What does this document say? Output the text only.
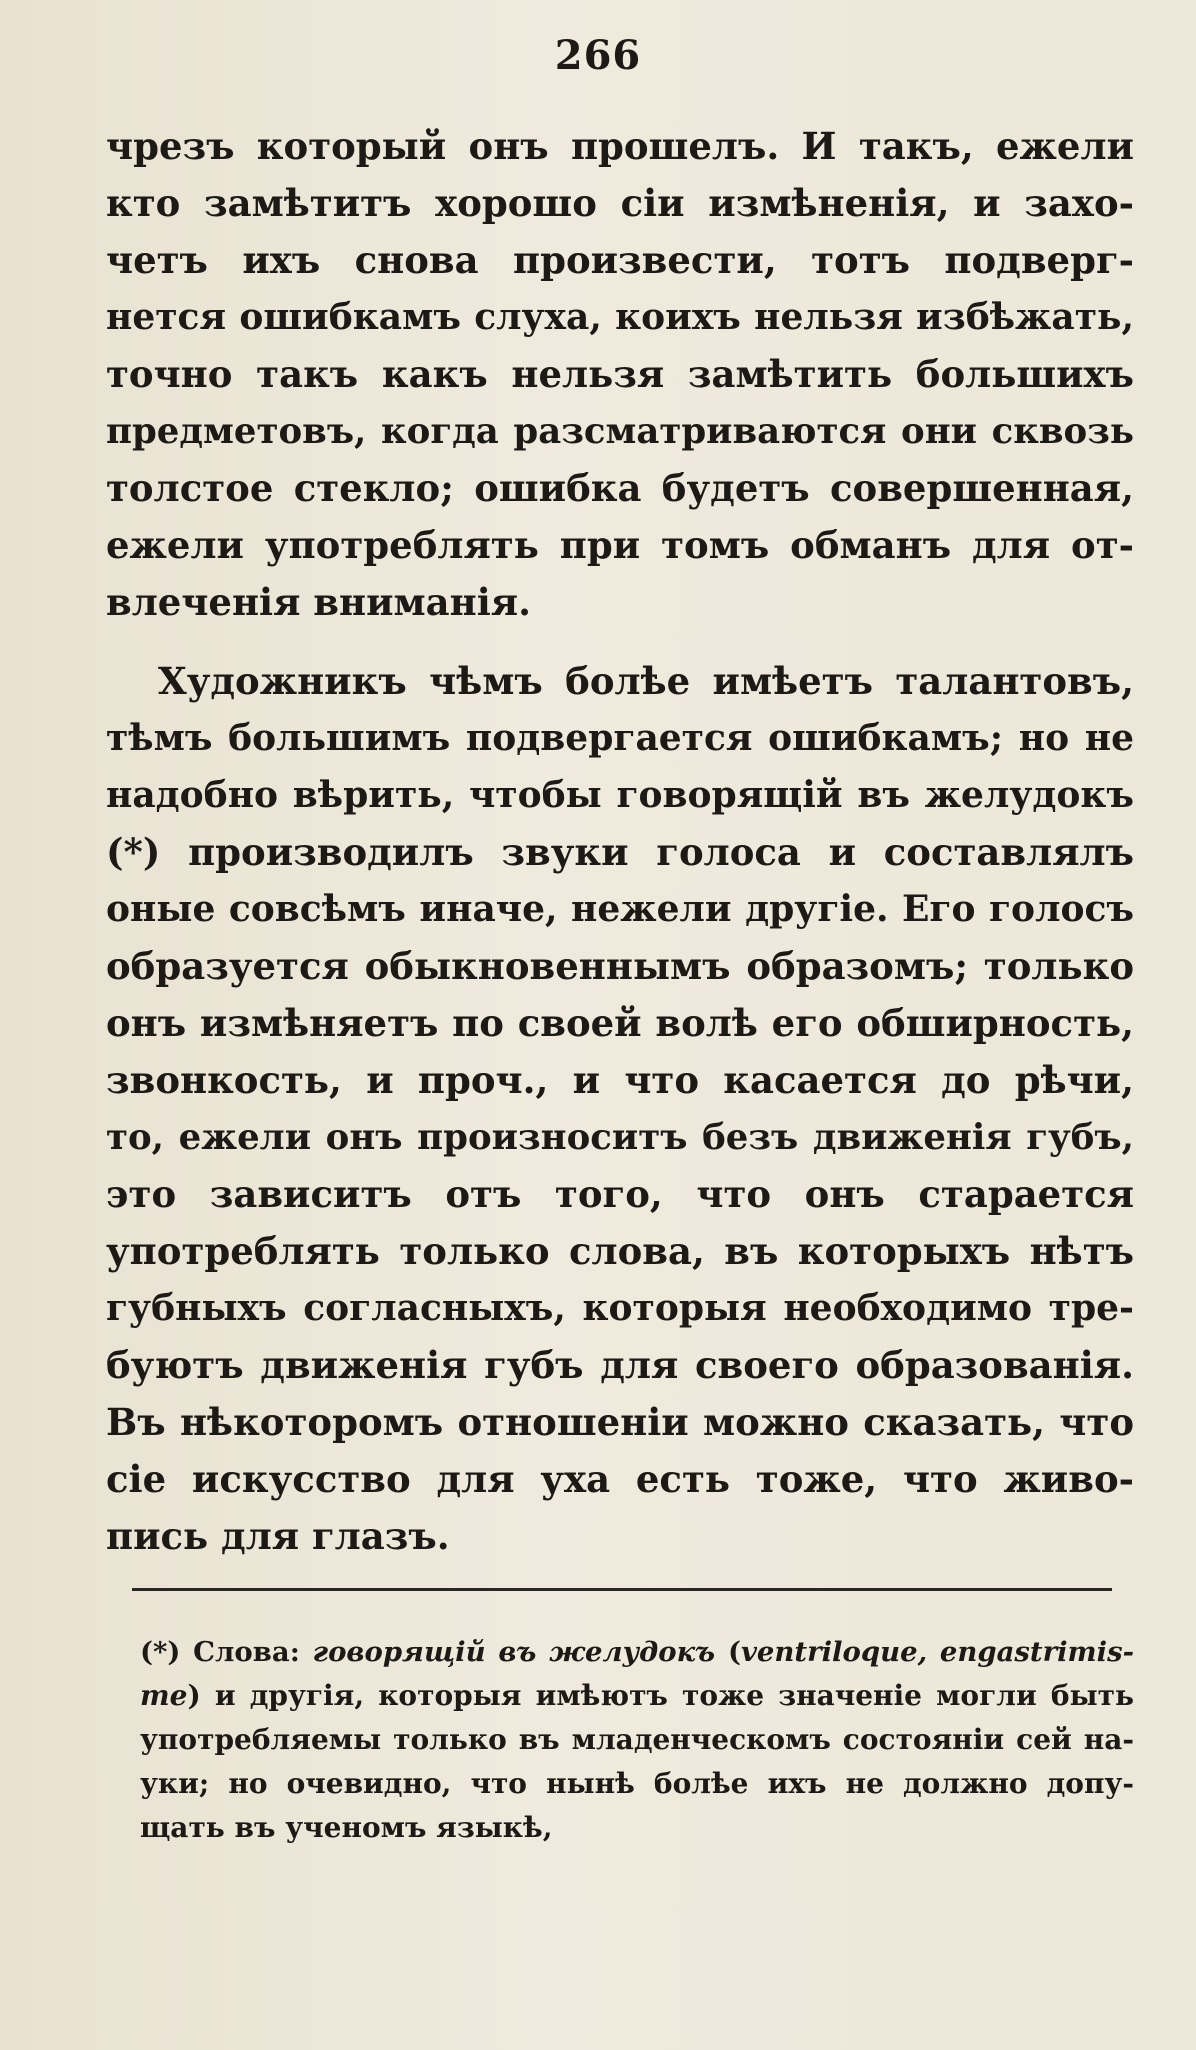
266
чрезъ который онъ прошелъ. И такъ, ежели
кто замѣтитъ хорошо сіи измѣненія, и захо-
четъ ихъ снова произвести, тотъ подверг-
нется ошибкамъ слуха, коихъ нельзя избѣжать,
точно такъ какъ нельзя замѣтить большихъ
предметовъ, когда разсматриваются они сквозь
толстое стекло; ошибка будетъ совершенная,
ежели употреблять при томъ обманъ для от-
влеченія вниманія.
Художникъ чѣмъ болѣе имѣетъ талантовъ,
тѣмъ большимъ подвергается ошибкамъ; но не
надобно вѣрить, чтобы говорящій въ желудокъ
(*) производилъ звуки голоса и составлялъ
оные совсѣмъ иначе, нежели другіе. Его голосъ
образуется обыкновеннымъ образомъ; только
онъ измѣняетъ по своей волѣ его обширность,
звонкость, и проч., и что касается до рѣчи,
то, ежели онъ произноситъ безъ движенія губъ,
это зависитъ отъ того, что онъ старается
употреблять только слова, въ которыхъ нѣтъ
губныхъ согласныхъ, которыя необходимо тре-
буютъ движенія губъ для своего образованія.
Въ нѣкоторомъ отношеніи можно сказать, что
сіе искусство для уха есть тоже, что живо-
пись для глазъ.
(*) Слова: говорящій въ желудокъ (ventriloque, engastrimis-
me) и другія, которыя имѣютъ тоже значеніе могли быть
употребляемы только въ младенческомъ состояніи сей на-
уки; но очевидно, что нынѣ болѣе ихъ не должно допу-
щать въ ученомъ языкѣ,
